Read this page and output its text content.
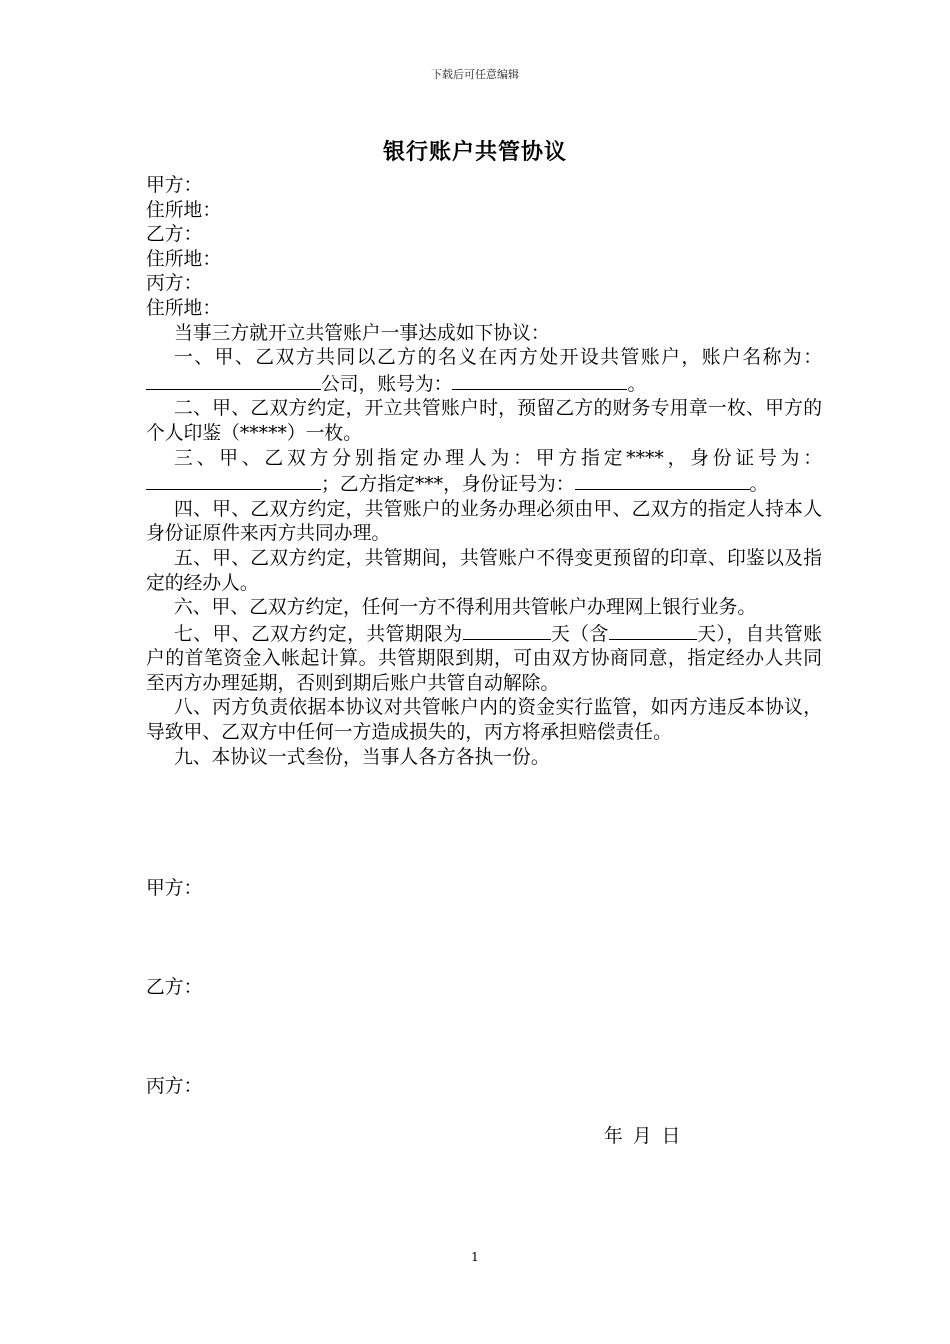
下载后可任意编辑
银行账户共管协议

甲方：

住所地：

乙方：

住所地：

丙方：

住所地：

当事三方就开立共管账户一事达成如下协议：

一、甲、乙双方共同以乙方的名义在丙方处开设共管账户，账户名称为：公司，账号为：	。

二、甲、乙双方约定，开立共管账户时，预留乙方的财务专用章一枚、甲方的个人印鉴（*****）一枚。

三、甲、乙双方分别指定办理人为：甲方指定****，身份证号为：；乙方指定***，身份证号为：	。

四、甲、乙双方约定，共管账户的业务办理必须由甲、乙双方的指定人持本人身份证原件来丙方共同办理。

五、甲、乙双方约定，共管期间，共管账户不得变更预留的印章、印鉴以及指定的经办人。

六、甲、乙双方约定，任何一方不得利用共管帐户办理网上银行业务。

七、甲、乙双方约定，共管期限为	天（含	天），自共管账户的首笔资金入帐起计算。共管期限到期，可由双方协商同意，指定经办人共同至丙方办理延期，否则到期后账户共管自动解除。

八、丙方负责依据本协议对共管帐户内的资金实行监管，如丙方违反本协议，导致甲、乙双方中任何一方造成损失的，丙方将承担赔偿责任。

九、本协议一式叁份，当事人各方各执一份。

甲方：
乙方：
丙方：
年 月 日
1
